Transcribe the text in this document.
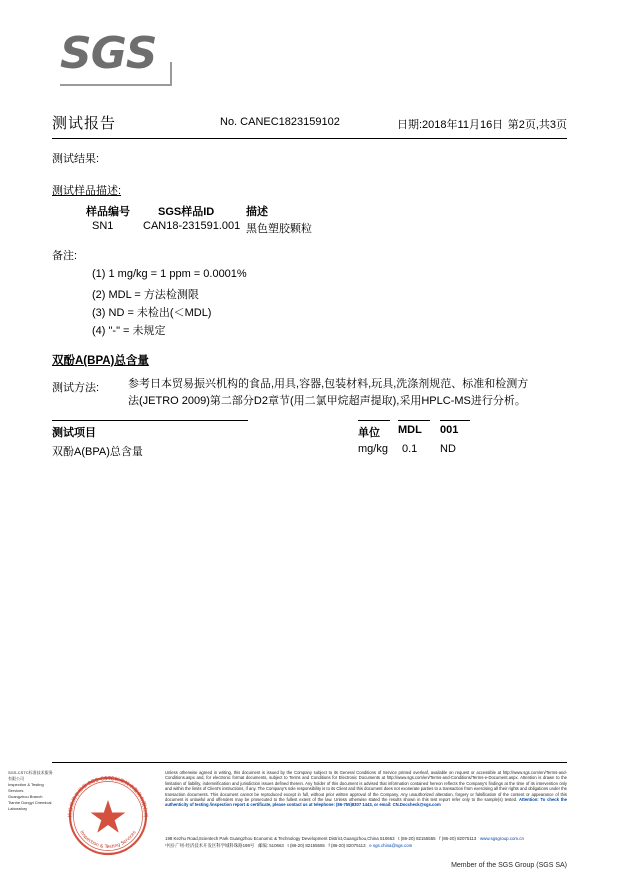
SGS
测试报告	No. CANEC1823159102	日期:2018年11月16日 第2页,共3页
测试结果:
测试样品描述:
样品编号	SGS样品ID	描述
SN1	CAN18-231591.001 黑色塑胶颗粒
备注:
(1) 1 mg/kg = 1 ppm = 0.0001%
(2) MDL = 方法检测限
(3) ND = 未检出(＜MDL)
(4) "-" = 未规定
双酚A(BPA)总含量
测试方法:	参考日本贸易振兴机构的食品,用具,容器,包装材料,玩具,洗涤剂规范、标准和检测方
法(JETRO 2009)第二部分D2章节(用二氯甲烷超声提取),采用HPLC-MS进行分析。
测试项目	单位 MDL 001
双酚A(BPA)总含量	mg/kg 0.1 ND
SGS-CSTC标准技术服务有限公司
Inspection & Testing Services
Guangzhou Branch Tianhe Dongyi Chemical Laboratory
检验检测专用章 SGS-CSTC标准技术服务有限公司
Inspection & Testing Services
Unless otherwise agreed in writing, this document is issued by the Company subject to its General Conditions of Service printed overleaf, available on request or accessible at http://www.sgs.com/en/Terms-and-Conditions.aspx and, for electronic format documents, subject to Terms and Conditions for Electronic Documents at http://www.sgs.com/en/Terms-and-Conditions/Terms-e-Document.aspx. Attention is drawn to the limitation of liability, indemnification and jurisdiction issues defined therein. Any holder of this document is advised that information contained hereon reflects the Company's findings at the time of its intervention only and within the limits of Client's instructions, if any. The Company's sole responsibility is to its Client and this document does not exonerate parties to a transaction from exercising all their rights and obligations under the transaction documents. This document cannot be reproduced except in full, without prior written approval of the Company. Any unauthorized alteration, forgery or falsification of the content or appearance of this document is unlawful and offenders may be prosecuted to the fullest extent of the law. Unless otherwise stated the results shown in this test report refer only to the sample(s) tested. Attention: To check the authenticity of testing /inspection report & certificate, please contact us at telephone: (86-755)8307 1443, or email: CN.Doccheck@sgs.com
198 Kezhu Road,Scientech Park Guangzhou Economic & Technology Development District,Guangzhou,China 510663 t (86-20) 82155555 f (86-20) 82075113 www.sgsgroup.com.cn
中国·广州·经济技术开发区科学城科珠路198号 邮编: 510663 t (86-20) 82155555 f (86-20) 82075113 e sgs.china@sgs.com
Member of the SGS Group (SGS SA)
